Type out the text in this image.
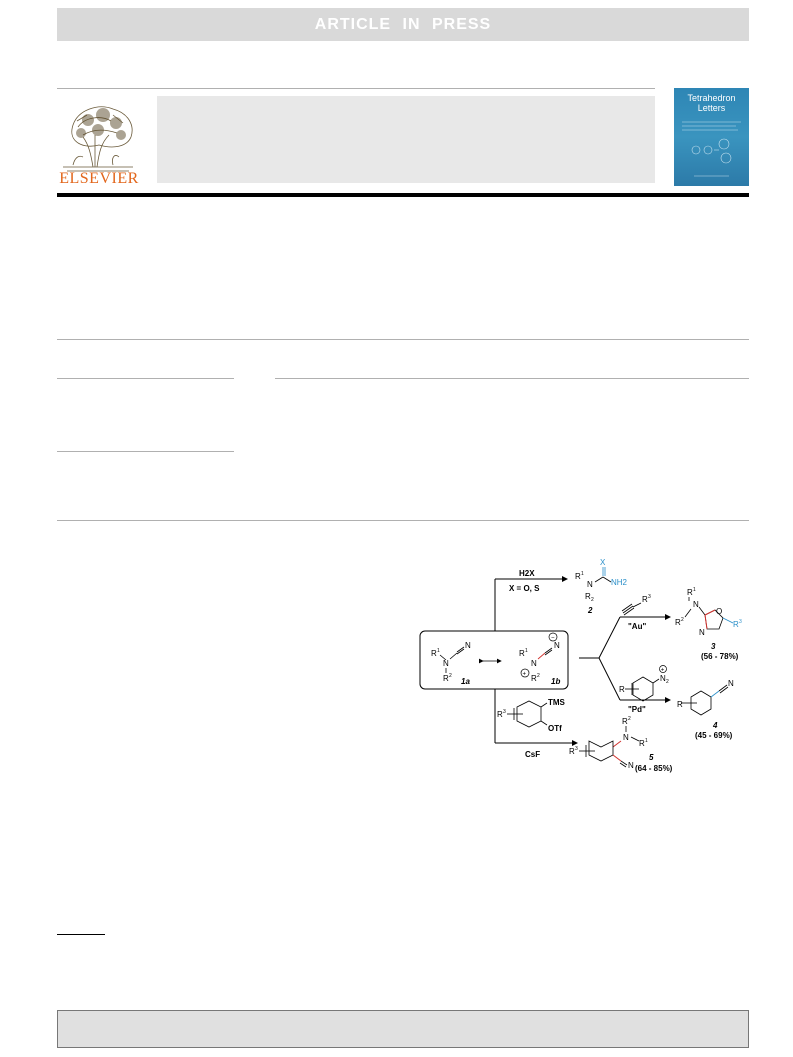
ARTICLE IN PRESS
ELSEVIER
Tetrahedron
Letters
R 1
N
N
R 2
1a
R 1
N
+
N
−
R 2
1b
H2X
X = O, S
R 1
N
X
NH2
R 2
2
"Au"
"Pd"
R 3
R
N 2
+
R 1
N
R 2
O
N
R 3
3
(56 - 78%)
R
N
4
(45 - 69%)
CsF
R 3
TMS
OTf
R 2
N
R 1
R 3
N
5
(64 - 85%)
